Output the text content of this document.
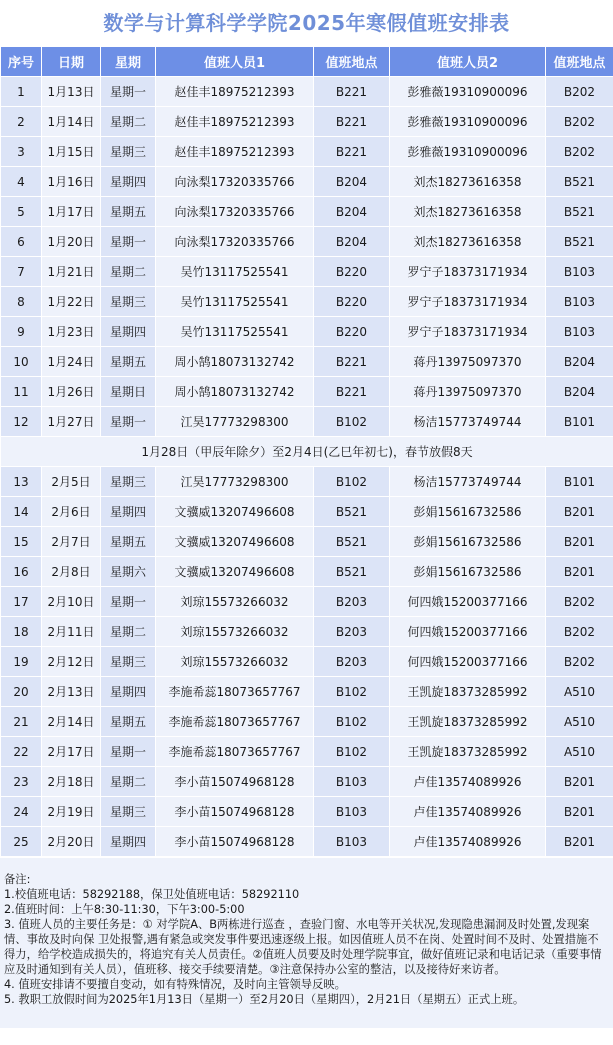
数学与计算科学学院2025年寒假值班安排表
序号	日期	星期	值班人员1	值班地点	值班人员2	值班地点
1	1月13日	星期一	赵佳丰18975212393	B221	彭雅薇19310900096	B202
2	1月14日	星期二	赵佳丰18975212393	B221	彭雅薇19310900096	B202
3	1月15日	星期三	赵佳丰18975212393	B221	彭雅薇19310900096	B202
4	1月16日	星期四	向泳梨17320335766	B204	刘杰18273616358	B521
5	1月17日	星期五	向泳梨17320335766	B204	刘杰18273616358	B521
6	1月20日	星期一	向泳梨17320335766	B204	刘杰18273616358	B521
7	1月21日	星期二	吴竹13117525541	B220	罗宁子18373171934	B103
8	1月22日	星期三	吴竹13117525541	B220	罗宁子18373171934	B103
9	1月23日	星期四	吴竹13117525541	B220	罗宁子18373171934	B103
10	1月24日	星期五	周小鹄18073132742	B221	蒋丹13975097370	B204
11	1月26日	星期日	周小鹄18073132742	B221	蒋丹13975097370	B204
12	1月27日	星期一	江昊17773298300	B102	杨洁15773749744	B101
1月28日（甲辰年除夕）至2月4日(乙巳年初七)，春节放假8天						
13	2月5日	星期三	江昊17773298300	B102	杨洁15773749744	B101
14	2月6日	星期四	文骥威13207496608	B521	彭娟15616732586	B201
15	2月7日	星期五	文骥威13207496608	B521	彭娟15616732586	B201
16	2月8日	星期六	文骥威13207496608	B521	彭娟15616732586	B201
17	2月10日	星期一	刘琼15573266032	B203	何四娥15200377166	B202
18	2月11日	星期二	刘琼15573266032	B203	何四娥15200377166	B202
19	2月12日	星期三	刘琼15573266032	B203	何四娥15200377166	B202
20	2月13日	星期四	李施希蕊18073657767	B102	王凯旋18373285992	A510
21	2月14日	星期五	李施希蕊18073657767	B102	王凯旋18373285992	A510
22	2月17日	星期一	李施希蕊18073657767	B102	王凯旋18373285992	A510
23	2月18日	星期二	李小苗15074968128	B103	卢佳13574089926	B201
24	2月19日	星期三	李小苗15074968128	B103	卢佳13574089926	B201
25	2月20日	星期四	李小苗15074968128	B103	卢佳13574089926	B201
备注:
1.校值班电话：58292188，保卫处值班电话：58292110
2.值班时间：上午8:30-11:30，下午3:00-5:00
3. 值班人员的主要任务是：① 对学院A、B两栋进行巡查 ，查验门窗、水电等开关状况,发现隐患漏洞及时处置,发现案情、事故及时向保 卫处报警,遇有紧急或突发事件要迅速逐级上报。如因值班人员不在岗、处置时间不及时、处置措施不得力，给学校造成损失的，将追究有关人员责任。②值班人员要及时处理学院事宜，做好值班记录和电话记录（重要事情应及时通知到有关人员），值班移、接交手续要清楚。③注意保持办公室的整洁，以及接待好来访者。
4. 值班安排请不要擅自变动，如有特殊情况，及时向主管领导反映。
5. 教职工放假时间为2025年1月13日（星期一）至2月20日（星期四），2月21日（星期五）正式上班。
